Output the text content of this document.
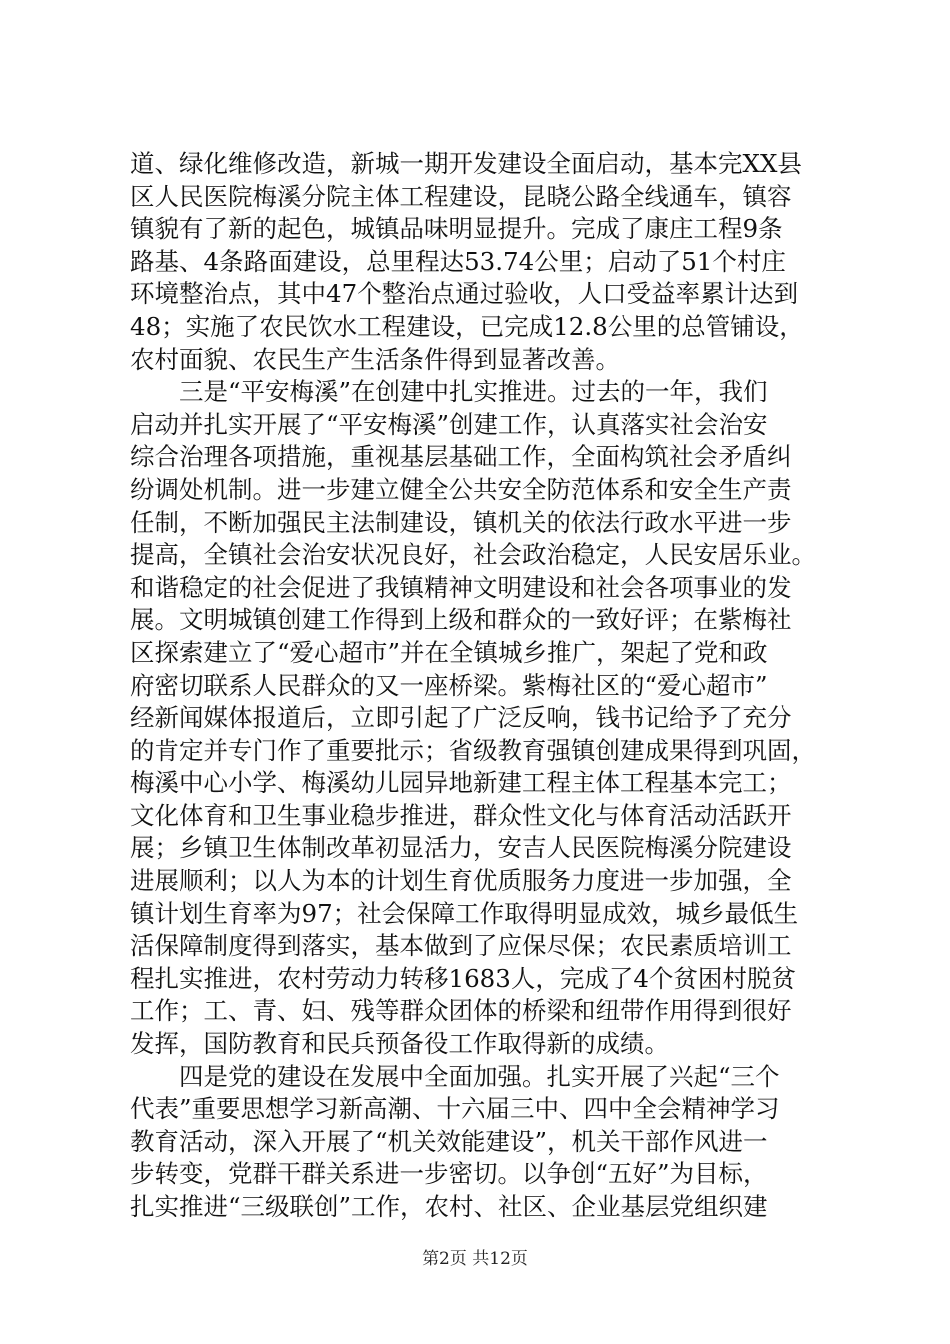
道、绿化维修改造，新城一期开发建设全面启动，基本完XX县
区人民医院梅溪分院主体工程建设，昆晓公路全线通车，镇容
镇貌有了新的起色，城镇品味明显提升。完成了康庄工程9条
路基、4条路面建设，总里程达53.74公里；启动了51个村庄
环境整治点，其中47个整治点通过验收，人口受益率累计达到
48；实施了农民饮水工程建设，已完成12.8公里的总管铺设，
农村面貌、农民生产生活条件得到显著改善。
　　三是“平安梅溪”在创建中扎实推进。过去的一年，我们
启动并扎实开展了“平安梅溪”创建工作，认真落实社会治安
综合治理各项措施，重视基层基础工作，全面构筑社会矛盾纠
纷调处机制。进一步建立健全公共安全防范体系和安全生产责
任制，不断加强民主法制建设，镇机关的依法行政水平进一步
提高，全镇社会治安状况良好，社会政治稳定，人民安居乐业。
和谐稳定的社会促进了我镇精神文明建设和社会各项事业的发
展。文明城镇创建工作得到上级和群众的一致好评；在紫梅社
区探索建立了“爱心超市”并在全镇城乡推广，架起了党和政
府密切联系人民群众的又一座桥梁。紫梅社区的“爱心超市”
经新闻媒体报道后，立即引起了广泛反响，钱书记给予了充分
的肯定并专门作了重要批示；省级教育强镇创建成果得到巩固，
梅溪中心小学、梅溪幼儿园异地新建工程主体工程基本完工；
文化体育和卫生事业稳步推进，群众性文化与体育活动活跃开
展；乡镇卫生体制改革初显活力，安吉人民医院梅溪分院建设
进展顺利；以人为本的计划生育优质服务力度进一步加强，全
镇计划生育率为97；社会保障工作取得明显成效，城乡最低生
活保障制度得到落实，基本做到了应保尽保；农民素质培训工
程扎实推进，农村劳动力转移1683人，完成了4个贫困村脱贫
工作；工、青、妇、残等群众团体的桥梁和纽带作用得到很好
发挥，国防教育和民兵预备役工作取得新的成绩。
　　四是党的建设在发展中全面加强。扎实开展了兴起“三个
代表”重要思想学习新高潮、十六届三中、四中全会精神学习
教育活动，深入开展了“机关效能建设”，机关干部作风进一
步转变，党群干群关系进一步密切。以争创“五好”为目标，
扎实推进“三级联创”工作，农村、社区、企业基层党组织建
第2页 共12页
